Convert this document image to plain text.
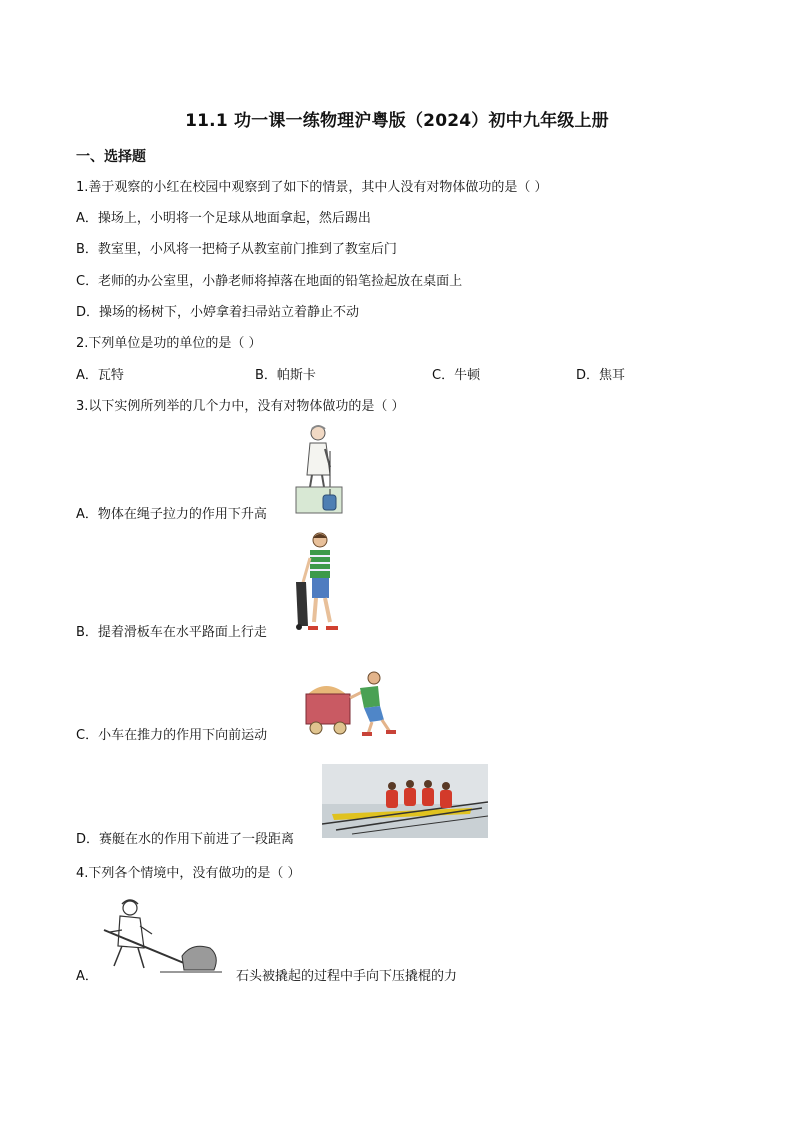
11.1 功一课一练物理沪粤版（2024）初中九年级上册
一、选择题
1.善于观察的小红在校园中观察到了如下的情景，其中人没有对物体做功的是（ ）
A．操场上，小明将一个足球从地面拿起，然后踢出
B．教室里，小风将一把椅子从教室前门推到了教室后门
C．老师的办公室里，小静老师将掉落在地面的铅笔捡起放在桌面上
D．操场的杨树下，小婷拿着扫帚站立着静止不动
2.下列单位是功的单位的是（ ）
A．瓦特	B．帕斯卡	C．牛顿	D．焦耳
3.以下实例所列举的几个力中，没有对物体做功的是（ ）
A．物体在绳子拉力的作用下升高
B．提着滑板车在水平路面上行走
C．小车在推力的作用下向前运动
D．赛艇在水的作用下前进了一段距离
4.下列各个情境中，没有做功的是（ ）
A．	石头被撬起的过程中手向下压撬棍的力
